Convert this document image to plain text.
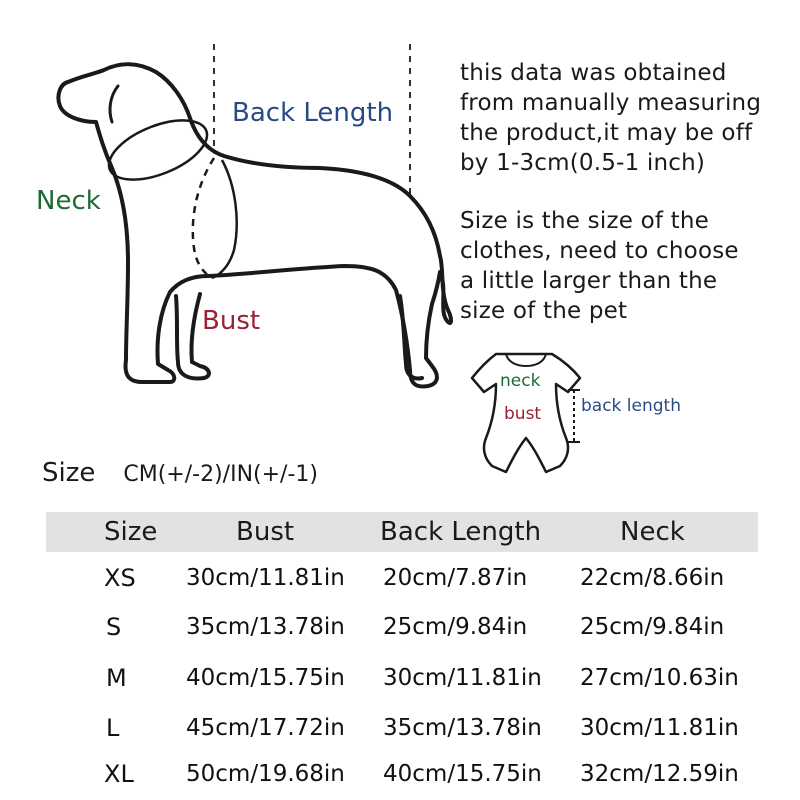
Back Length
Neck
Bust

this data was obtained

from manually measuring

the product,it may be off

by 1-3cm(0.5-1 inch)

Size is the size of the

clothes, need to choose

a little larger than the

size of the pet

neck
bust back length
Size CM(+/-2)/IN(+/-1)
Size	Bust	Back Length	Neck
XS 30cm/11.81in 20cm/7.87in 22cm/8.66in
S	35cm/13.78in 25cm/9.84in 25cm/9.84in
M	40cm/15.75in 30cm/11.81in 27cm/10.63in
L	45cm/17.72in 35cm/13.78in 30cm/11.81in
XL 50cm/19.68in 40cm/15.75in 32cm/12.59in
